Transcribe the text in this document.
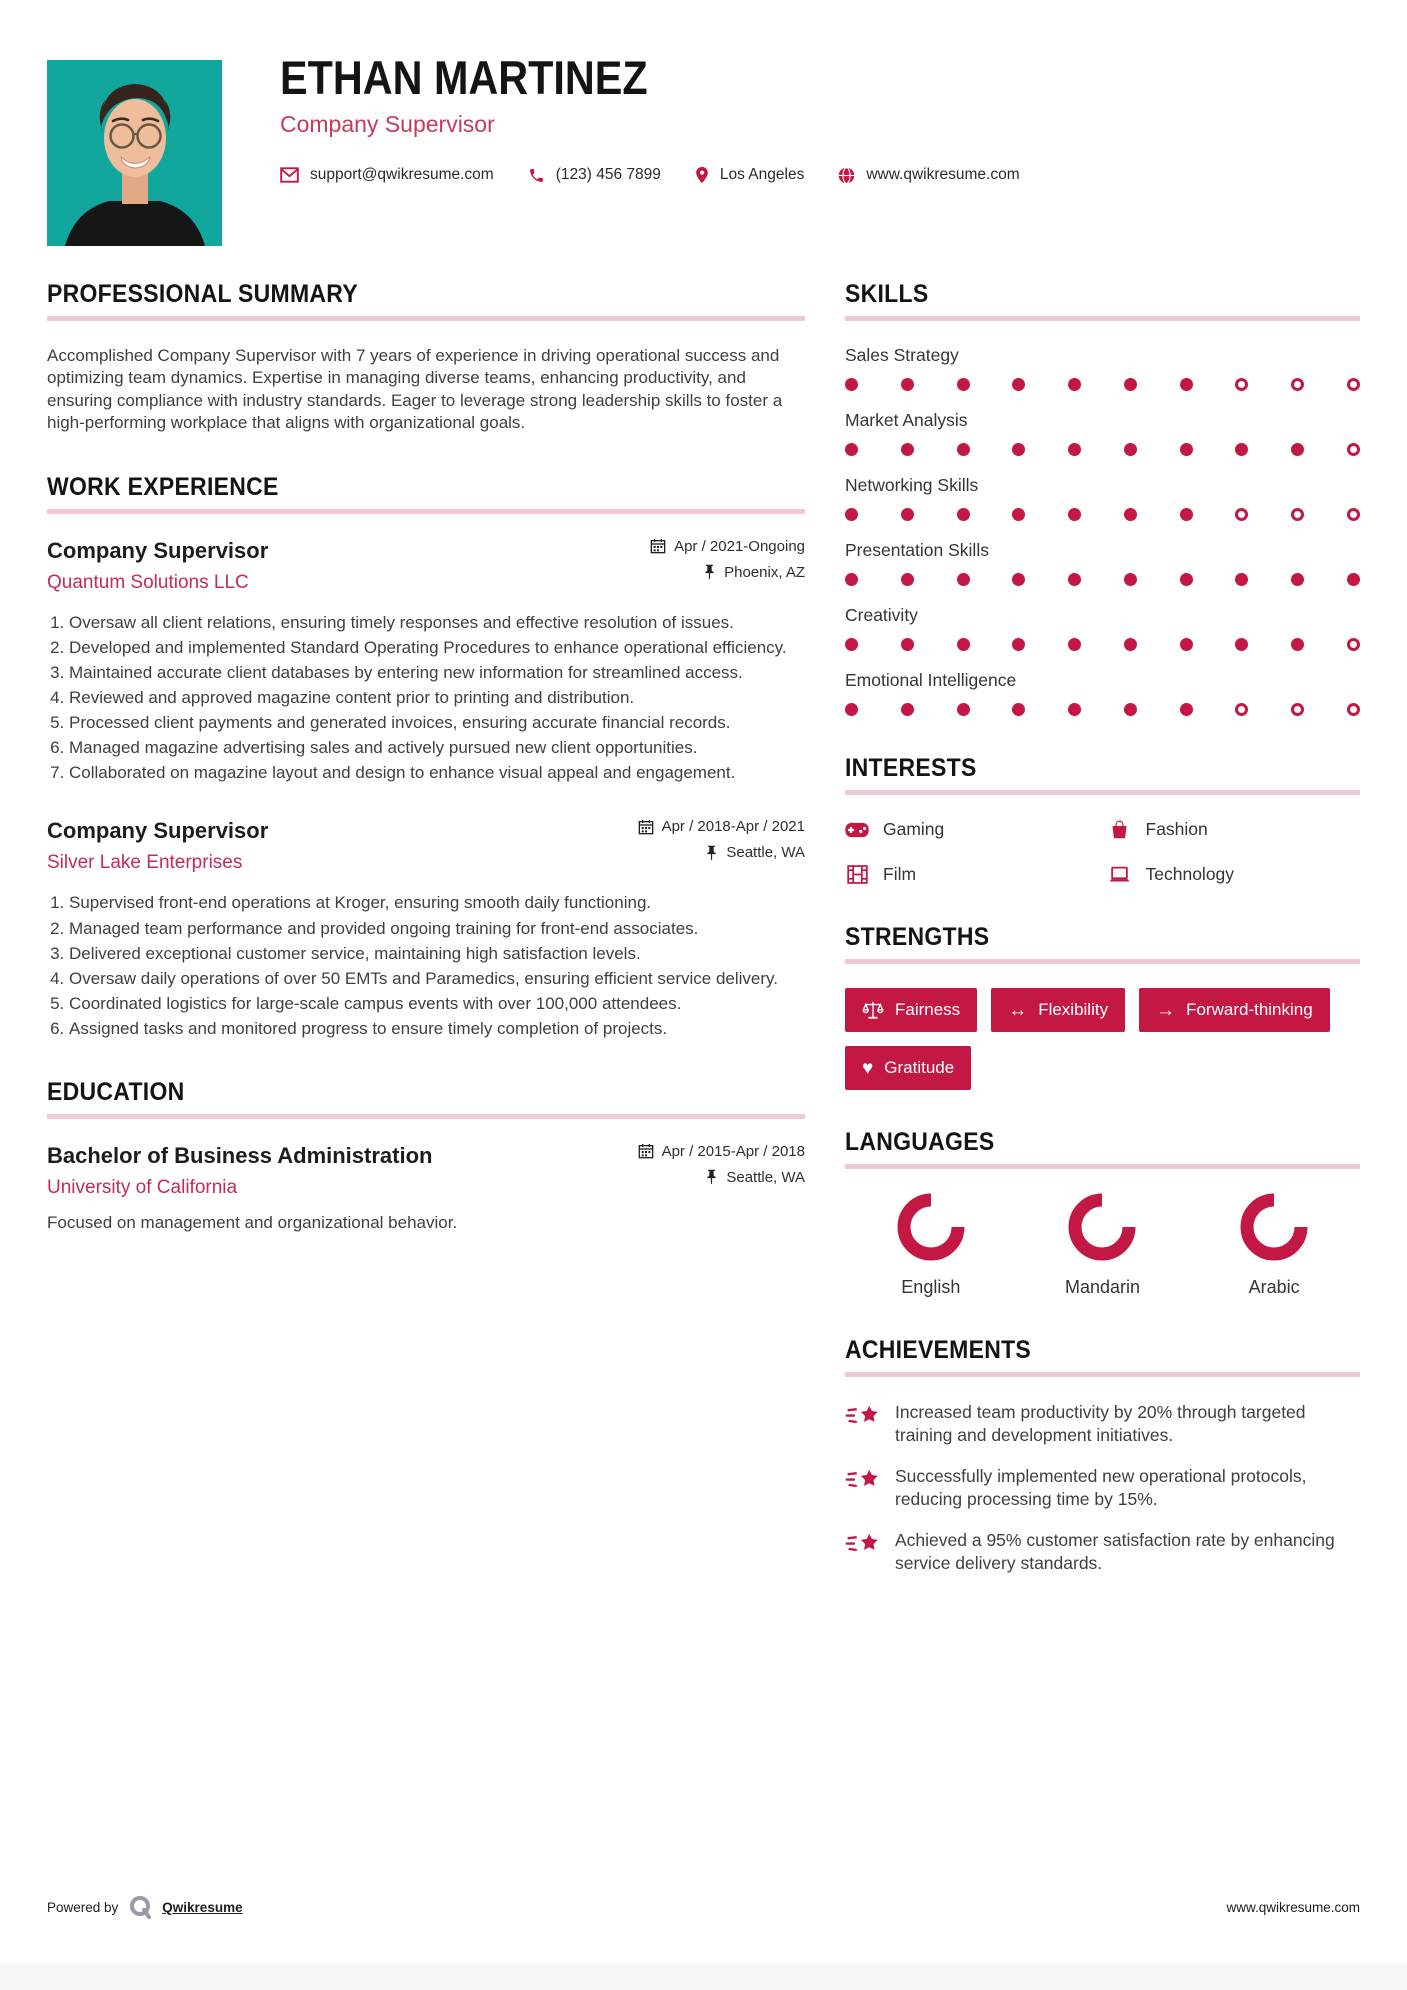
ETHAN MARTINEZ
Company Supervisor
support@qwikresume.com	(123) 456 7899	Los Angeles	www.qwikresume.com
PROFESSIONAL SUMMARY
Accomplished Company Supervisor with 7 years of experience in driving operational success and optimizing team dynamics. Expertise in managing diverse teams, enhancing productivity, and ensuring compliance with industry standards. Eager to leverage strong leadership skills to foster a high-performing workplace that aligns with organizational goals.
WORK EXPERIENCE
Company Supervisor
Quantum Solutions LLC
Apr / 2021-Ongoing
Phoenix, AZ
1. Oversaw all client relations, ensuring timely responses and effective resolution of issues.
2. Developed and implemented Standard Operating Procedures to enhance operational efficiency.
3. Maintained accurate client databases by entering new information for streamlined access.
4. Reviewed and approved magazine content prior to printing and distribution.
5. Processed client payments and generated invoices, ensuring accurate financial records.
6. Managed magazine advertising sales and actively pursued new client opportunities.
7. Collaborated on magazine layout and design to enhance visual appeal and engagement.
Company Supervisor
Silver Lake Enterprises
Apr / 2018-Apr / 2021
Seattle, WA
1. Supervised front-end operations at Kroger, ensuring smooth daily functioning.
2. Managed team performance and provided ongoing training for front-end associates.
3. Delivered exceptional customer service, maintaining high satisfaction levels.
4. Oversaw daily operations of over 50 EMTs and Paramedics, ensuring efficient service delivery.
5. Coordinated logistics for large-scale campus events with over 100,000 attendees.
6. Assigned tasks and monitored progress to ensure timely completion of projects.
EDUCATION
Bachelor of Business Administration
University of California
Apr / 2015-Apr / 2018
Seattle, WA
Focused on management and organizational behavior.
SKILLS
Sales Strategy
Market Analysis
Networking Skills
Presentation Skills
Creativity
Emotional Intelligence
INTERESTS
Gaming	Fashion
Film	Technology
STRENGTHS
Fairness	↔ Flexibility	→ Forward-thinking
♥ Gratitude
LANGUAGES
English	Mandarin	Arabic
ACHIEVEMENTS
Increased team productivity by 20% through targeted training and development initiatives.
Successfully implemented new operational protocols, reducing processing time by 15%.
Achieved a 95% customer satisfaction rate by enhancing service delivery standards.
Powered by	Qwikresume	www.qwikresume.com
